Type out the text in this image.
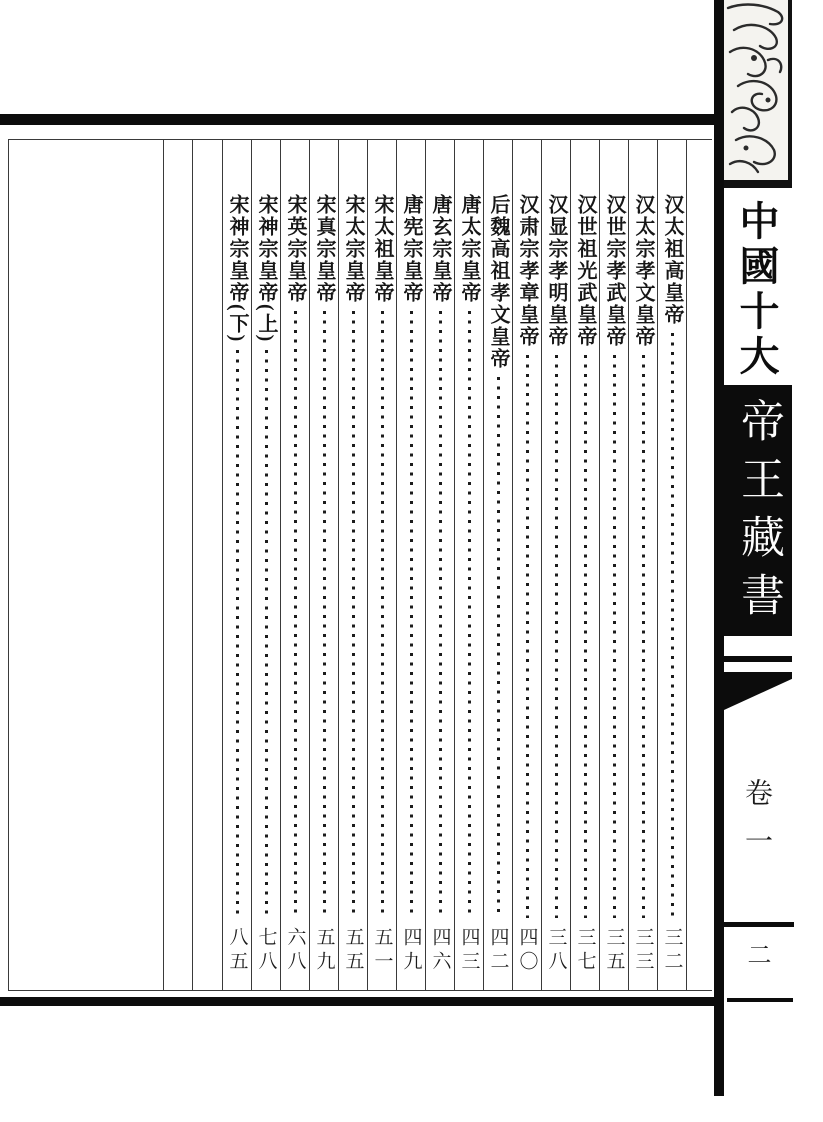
汉太祖高皇帝
三二
汉太宗孝文皇帝
三三
汉世宗孝武皇帝
三五
汉世祖光武皇帝
三七
汉显宗孝明皇帝
三八
汉肃宗孝章皇帝
四〇
后魏高祖孝文皇帝
四二
唐太宗皇帝
四三
唐玄宗皇帝
四六
唐宪宗皇帝
四九
宋太祖皇帝
五一
宋太宗皇帝
五五
宋真宗皇帝
五九
宋英宗皇帝
六八
宋神宗皇帝(上)
七八
宋神宗皇帝(下)
八五
中國十大
帝王藏書
卷一
二
